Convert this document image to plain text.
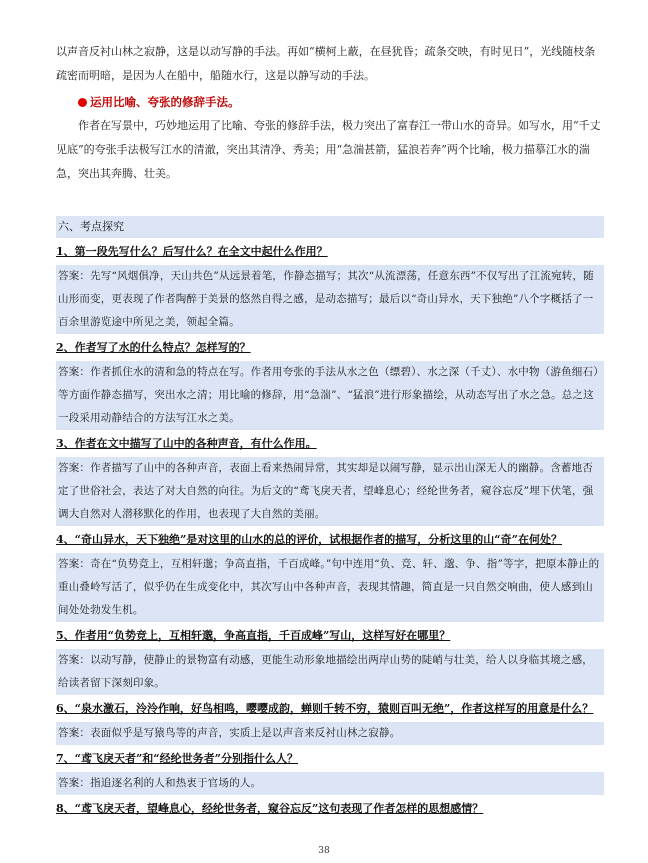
·

以声音反衬山林之寂静，这是以动写静的手法。再如“横柯上蔽，在昼犹昏；疏条交映，有时见日”，光线随枝条疏密而明暗，是因为人在船中，船随水行，这是以静写动的手法。

运用比喻、夸张的修辞手法。

作者在写景中，巧妙地运用了比喻、夸张的修辞手法，极力突出了富春江一带山水的奇异。如写水，用“千丈见底”的夸张手法极写江水的清澈，突出其清净、秀美；用“急湍甚箭，猛浪若奔”两个比喻，极力描摹江水的湍急，突出其奔腾、壮美。

六、考点探究

1、第一段先写什么？后写什么？在全文中起什么作用？

答案：先写“风烟俱净，天山共色”从远景着笔，作静态描写；其次“从流漂荡，任意东西”不仅写出了江流宛转，随山形而变，更表现了作者陶醉于美景的悠然自得之感，是动态描写；最后以“奇山异水，天下独绝”八个字概括了一百余里游览途中所见之美，领起全篇。

2、作者写了水的什么特点？怎样写的？

答案：作者抓住水的清和急的特点在写。作者用夸张的手法从水之色（缥碧）、水之深（千丈）、水中物（游鱼细石）等方面作静态描写，突出水之清；用比喻的修辞，用“急湍”、“猛浪”进行形象描绘，从动态写出了水之急。总之这一段采用动静结合的方法写江水之美。

3、作者在文中描写了山中的各种声音，有什么作用。

答案：作者描写了山中的各种声音，表面上看来热闹异常，其实却是以闹写静，显示出山深无人的幽静。含蓄地否定了世俗社会，表达了对大自然的向往。为后文的“鸢飞戾天者，望峰息心；经纶世务者，窥谷忘反”埋下伏笔，强调大自然对人潜移默化的作用，也表现了大自然的美丽。

4、“奇山异水，天下独绝”是对这里的山水的总的评价，试根据作者的描写，分析这里的山“奇”在何处？

答案：奇在“负势竞上，互相轩邈；争高直指，千百成峰。”句中连用“负、竞、轩、邈、争、指”等字，把原本静止的重山叠岭写活了，似乎仍在生成变化中，其次写山中各种声音，表现其情趣，简直是一只自然交响曲，使人感到山间处处勃发生机。

5、作者用“负势竞上，互相轩邈，争高直指，千百成峰”写山，这样写好在哪里？

答案：以动写静，使静止的景物富有动感，更能生动形象地描绘出两岸山势的陡峭与壮美，给人以身临其境之感，给读者留下深刻印象。

6、“泉水激石，泠泠作响，好鸟相鸣，嘤嘤成韵，蝉则千转不穷，猿则百叫无绝”，作者这样写的用意是什么？

答案：表面似乎是写猿鸟等的声音，实质上是以声音来反衬山林之寂静。

7、“鸢飞戾天者”和“经纶世务者”分别指什么人？

答案：指追逐名利的人和热衷于官场的人。

8、“鸢飞戾天者，望峰息心，经纶世务者，窥谷忘反”这句表现了作者怎样的思想感情？

38
